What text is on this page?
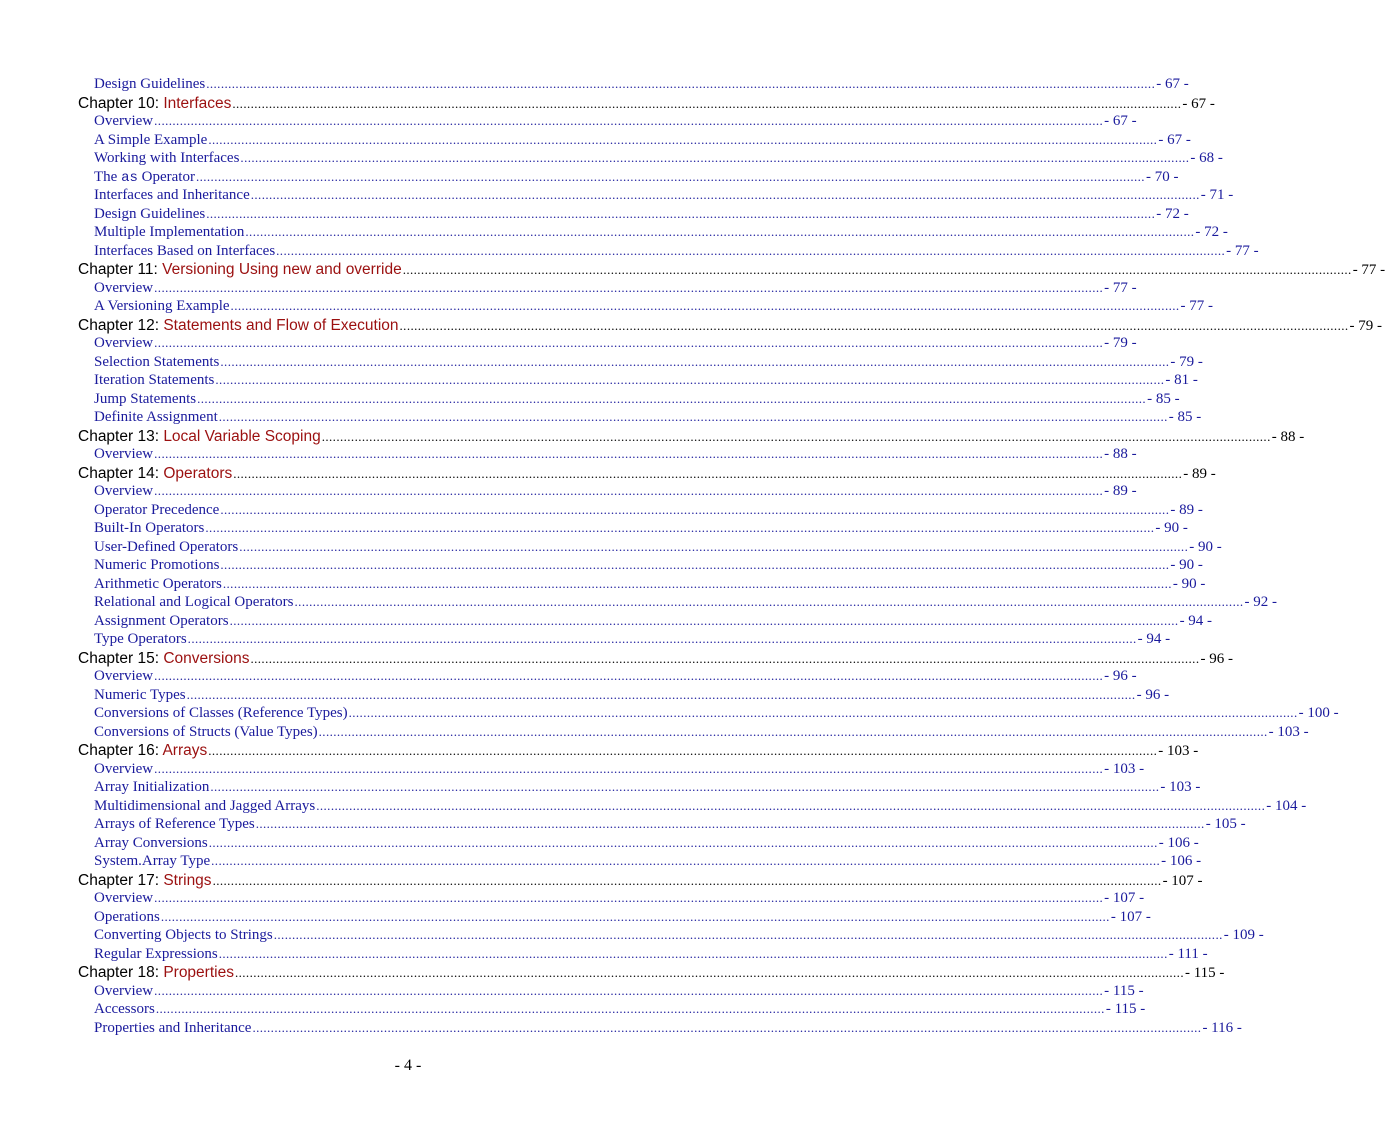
Design Guidelines .................................................................................................................................................................................................................................................................... - 67 -
Chapter 10: Interfaces .................................................................................................................................................................................................................................................................... - 67 -
Overview .................................................................................................................................................................................................................................................................... - 67 -
A Simple Example .................................................................................................................................................................................................................................................................... - 67 -
Working with Interfaces .................................................................................................................................................................................................................................................................... - 68 -
The as Operator .................................................................................................................................................................................................................................................................... - 70 -
Interfaces and Inheritance .................................................................................................................................................................................................................................................................... - 71 -
Design Guidelines .................................................................................................................................................................................................................................................................... - 72 -
Multiple Implementation .................................................................................................................................................................................................................................................................... - 72 -
Interfaces Based on Interfaces .................................................................................................................................................................................................................................................................... - 77 -
Chapter 11: Versioning Using new and override .................................................................................................................................................................................................................................................................... - 77 -
Overview .................................................................................................................................................................................................................................................................... - 77 -
A Versioning Example .................................................................................................................................................................................................................................................................... - 77 -
Chapter 12: Statements and Flow of Execution .................................................................................................................................................................................................................................................................... - 79 -
Overview .................................................................................................................................................................................................................................................................... - 79 -
Selection Statements .................................................................................................................................................................................................................................................................... - 79 -
Iteration Statements .................................................................................................................................................................................................................................................................... - 81 -
Jump Statements .................................................................................................................................................................................................................................................................... - 85 -
Definite Assignment .................................................................................................................................................................................................................................................................... - 85 -
Chapter 13: Local Variable Scoping .................................................................................................................................................................................................................................................................... - 88 -
Overview .................................................................................................................................................................................................................................................................... - 88 -
Chapter 14: Operators .................................................................................................................................................................................................................................................................... - 89 -
Overview .................................................................................................................................................................................................................................................................... - 89 -
Operator Precedence .................................................................................................................................................................................................................................................................... - 89 -
Built-In Operators .................................................................................................................................................................................................................................................................... - 90 -
User-Defined Operators .................................................................................................................................................................................................................................................................... - 90 -
Numeric Promotions .................................................................................................................................................................................................................................................................... - 90 -
Arithmetic Operators .................................................................................................................................................................................................................................................................... - 90 -
Relational and Logical Operators .................................................................................................................................................................................................................................................................... - 92 -
Assignment Operators .................................................................................................................................................................................................................................................................... - 94 -
Type Operators .................................................................................................................................................................................................................................................................... - 94 -
Chapter 15: Conversions .................................................................................................................................................................................................................................................................... - 96 -
Overview .................................................................................................................................................................................................................................................................... - 96 -
Numeric Types .................................................................................................................................................................................................................................................................... - 96 -
Conversions of Classes (Reference Types) .................................................................................................................................................................................................................................................................... - 100 -
Conversions of Structs (Value Types) .................................................................................................................................................................................................................................................................... - 103 -
Chapter 16: Arrays .................................................................................................................................................................................................................................................................... - 103 -
Overview .................................................................................................................................................................................................................................................................... - 103 -
Array Initialization .................................................................................................................................................................................................................................................................... - 103 -
Multidimensional and Jagged Arrays .................................................................................................................................................................................................................................................................... - 104 -
Arrays of Reference Types .................................................................................................................................................................................................................................................................... - 105 -
Array Conversions .................................................................................................................................................................................................................................................................... - 106 -
System.Array Type .................................................................................................................................................................................................................................................................... - 106 -
Chapter 17: Strings .................................................................................................................................................................................................................................................................... - 107 -
Overview .................................................................................................................................................................................................................................................................... - 107 -
Operations .................................................................................................................................................................................................................................................................... - 107 -
Converting Objects to Strings .................................................................................................................................................................................................................................................................... - 109 -
Regular Expressions .................................................................................................................................................................................................................................................................... - 111 -
Chapter 18: Properties .................................................................................................................................................................................................................................................................... - 115 -
Overview .................................................................................................................................................................................................................................................................... - 115 -
Accessors .................................................................................................................................................................................................................................................................... - 115 -
Properties and Inheritance .................................................................................................................................................................................................................................................................... - 116 -
- 4 -
